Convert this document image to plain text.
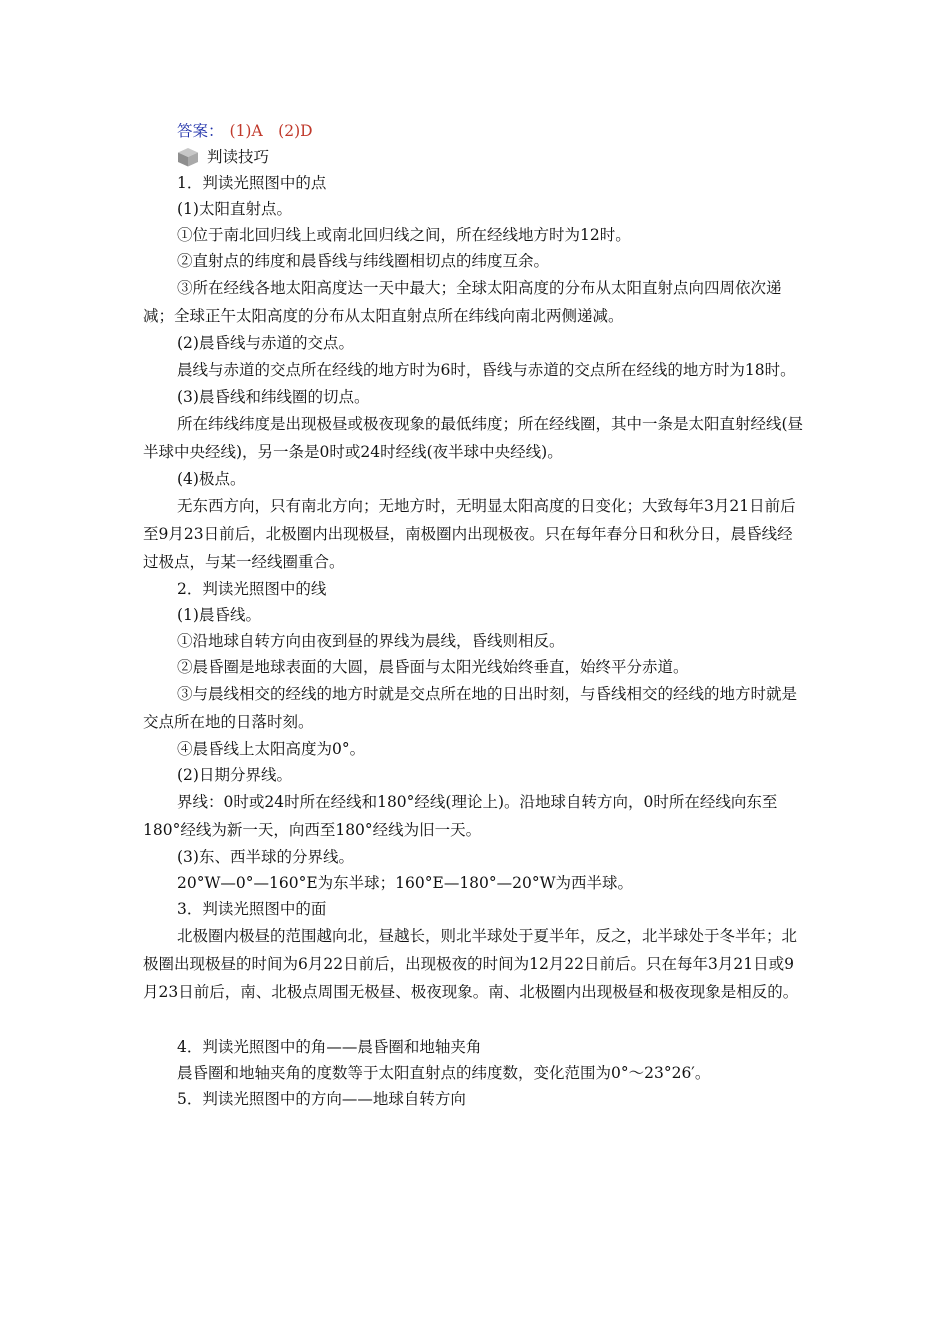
答案： (1)A　(2)D
判读技巧
1．判读光照图中的点
(1)太阳直射点。
①位于南北回归线上或南北回归线之间，所在经线地方时为12时。
②直射点的纬度和晨昏线与纬线圈相切点的纬度互余。
③所在经线各地太阳高度达一天中最大；全球太阳高度的分布从太阳直射点向四周依次递减；全球正午太阳高度的分布从太阳直射点所在纬线向南北两侧递减。
(2)晨昏线与赤道的交点。
晨线与赤道的交点所在经线的地方时为6时，昏线与赤道的交点所在经线的地方时为18时。
(3)晨昏线和纬线圈的切点。
所在纬线纬度是出现极昼或极夜现象的最低纬度；所在经线圈，其中一条是太阳直射经线(昼半球中央经线)，另一条是0时或24时经线(夜半球中央经线)。
(4)极点。
无东西方向，只有南北方向；无地方时，无明显太阳高度的日变化；大致每年3月21日前后至9月23日前后，北极圈内出现极昼，南极圈内出现极夜。只在每年春分日和秋分日，晨昏线经过极点，与某一经线圈重合。
2．判读光照图中的线
(1)晨昏线。
①沿地球自转方向由夜到昼的界线为晨线，昏线则相反。
②晨昏圈是地球表面的大圆，晨昏面与太阳光线始终垂直，始终平分赤道。
③与晨线相交的经线的地方时就是交点所在地的日出时刻，与昏线相交的经线的地方时就是交点所在地的日落时刻。
④晨昏线上太阳高度为0°。
(2)日期分界线。
界线：0时或24时所在经线和180°经线(理论上)。沿地球自转方向，0时所在经线向东至180°经线为新一天，向西至180°经线为旧一天。
(3)东、西半球的分界线。
20°W—0°—160°E为东半球；160°E—180°—20°W为西半球。
3．判读光照图中的面
北极圈内极昼的范围越向北，昼越长，则北半球处于夏半年，反之，北半球处于冬半年；北极圈出现极昼的时间为6月22日前后，出现极夜的时间为12月22日前后。只在每年3月21日或9月23日前后，南、北极点周围无极昼、极夜现象。南、北极圈内出现极昼和极夜现象是相反的。
4．判读光照图中的角——晨昏圈和地轴夹角
晨昏圈和地轴夹角的度数等于太阳直射点的纬度数，变化范围为0°～23°26′。
5．判读光照图中的方向——地球自转方向
